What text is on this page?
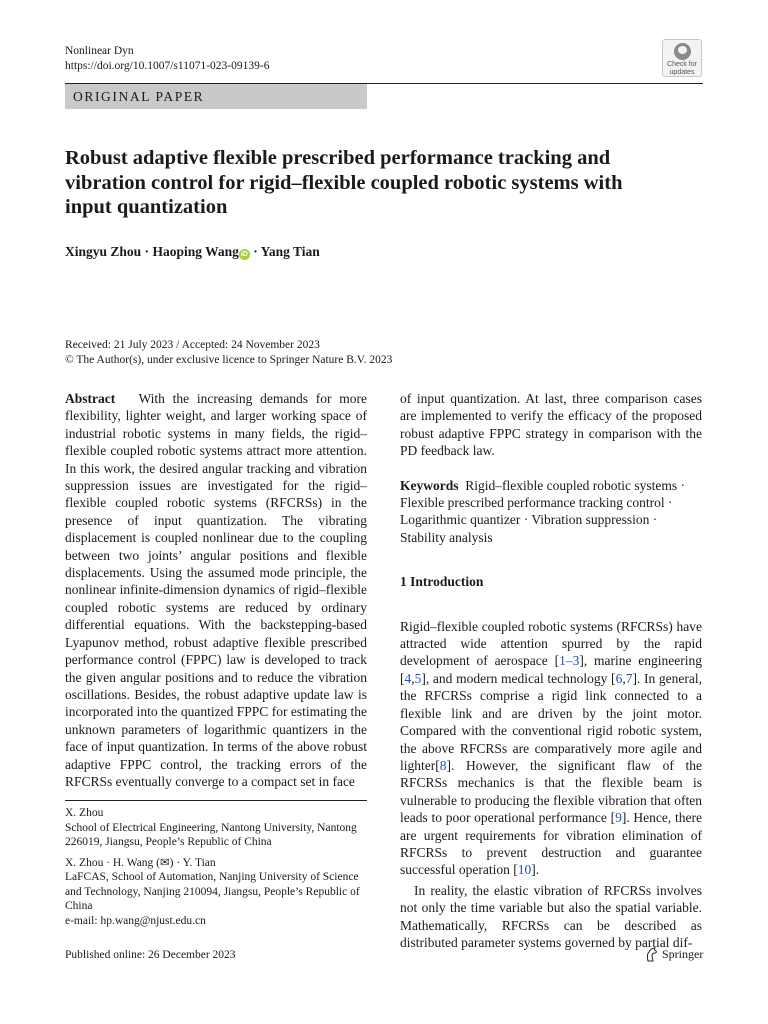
Nonlinear Dyn
https://doi.org/10.1007/s11071-023-09139-6	Check for
updates
ORIGINAL PAPER
Robust adaptive flexible prescribed performance tracking and vibration control for rigid–flexible coupled robotic systems with input quantization
Xingyu Zhou · Haoping Wang iD · Yang Tian
Received: 21 July 2023 / Accepted: 24 November 2023
© The Author(s), under exclusive licence to Springer Nature B.V. 2023

Abstract With the increasing demands for more flexibility, lighter weight, and larger working space of industrial robotic systems in many fields, the rigid–flexible coupled robotic systems attract more attention. In this work, the desired angular tracking and vibration suppression issues are investigated for the rigid–flexible coupled robotic systems (RFCRSs) in the presence of input quantization. The vibrating displacement is coupled nonlinear due to the coupling between two joints’ angular positions and flexible displacements. Using the assumed mode principle, the nonlinear infinite-dimension dynamics of rigid–flexible coupled robotic systems are reduced by ordinary differential equations. With the backstepping-based Lyapunov method, robust adaptive flexible prescribed performance control (FPPC) law is developed to track the given angular positions and to reduce the vibration oscillations. Besides, the robust adaptive update law is incorporated into the quantized FPPC for estimating the unknown parameters of logarithmic quantizers in the face of input quantization. In terms of the above robust adaptive FPPC control, the tracking errors of the RFCRSs eventually converge to a compact set in face

of input quantization. At last, three comparison cases are implemented to verify the efficacy of the proposed robust adaptive FPPC strategy in comparison with the PD feedback law.

Keywords Rigid–flexible coupled robotic systems · Flexible prescribed performance tracking control · Logarithmic quantizer · Vibration suppression · Stability analysis

1 Introduction

Rigid–flexible coupled robotic systems (RFCRSs) have attracted wide attention spurred by the rapid development of aerospace [1–3], marine engineering [4,5], and modern medical technology [6,7]. In general, the RFCRSs comprise a rigid link connected to a flexible link and are driven by the joint motor. Compared with the conventional rigid robotic system, the above RFCRSs are comparatively more agile and lighter[8]. However, the significant flaw of the RFCRSs mechanics is that the flexible beam is vulnerable to producing the flexible vibration that often leads to poor operational performance [9]. Hence, there are urgent requirements for vibration elimination of RFCRSs to prevent destruction and guarantee successful operation [10].

In reality, the elastic vibration of RFCRSs involves not only the time variable but also the spatial variable. Mathematically, RFCRSs can be described as distributed parameter systems governed by partial dif-

X. Zhou
School of Electrical Engineering, Nantong University, Nantong 226019, Jiangsu, People’s Republic of China
X. Zhou · H. Wang (✉) · Y. Tian
LaFCAS, School of Automation, Nanjing University of Science and Technology, Nanjing 210094, Jiangsu, People’s Republic of China
e-mail: hp.wang@njust.edu.cn
Published online: 26 December 2023	Springer
